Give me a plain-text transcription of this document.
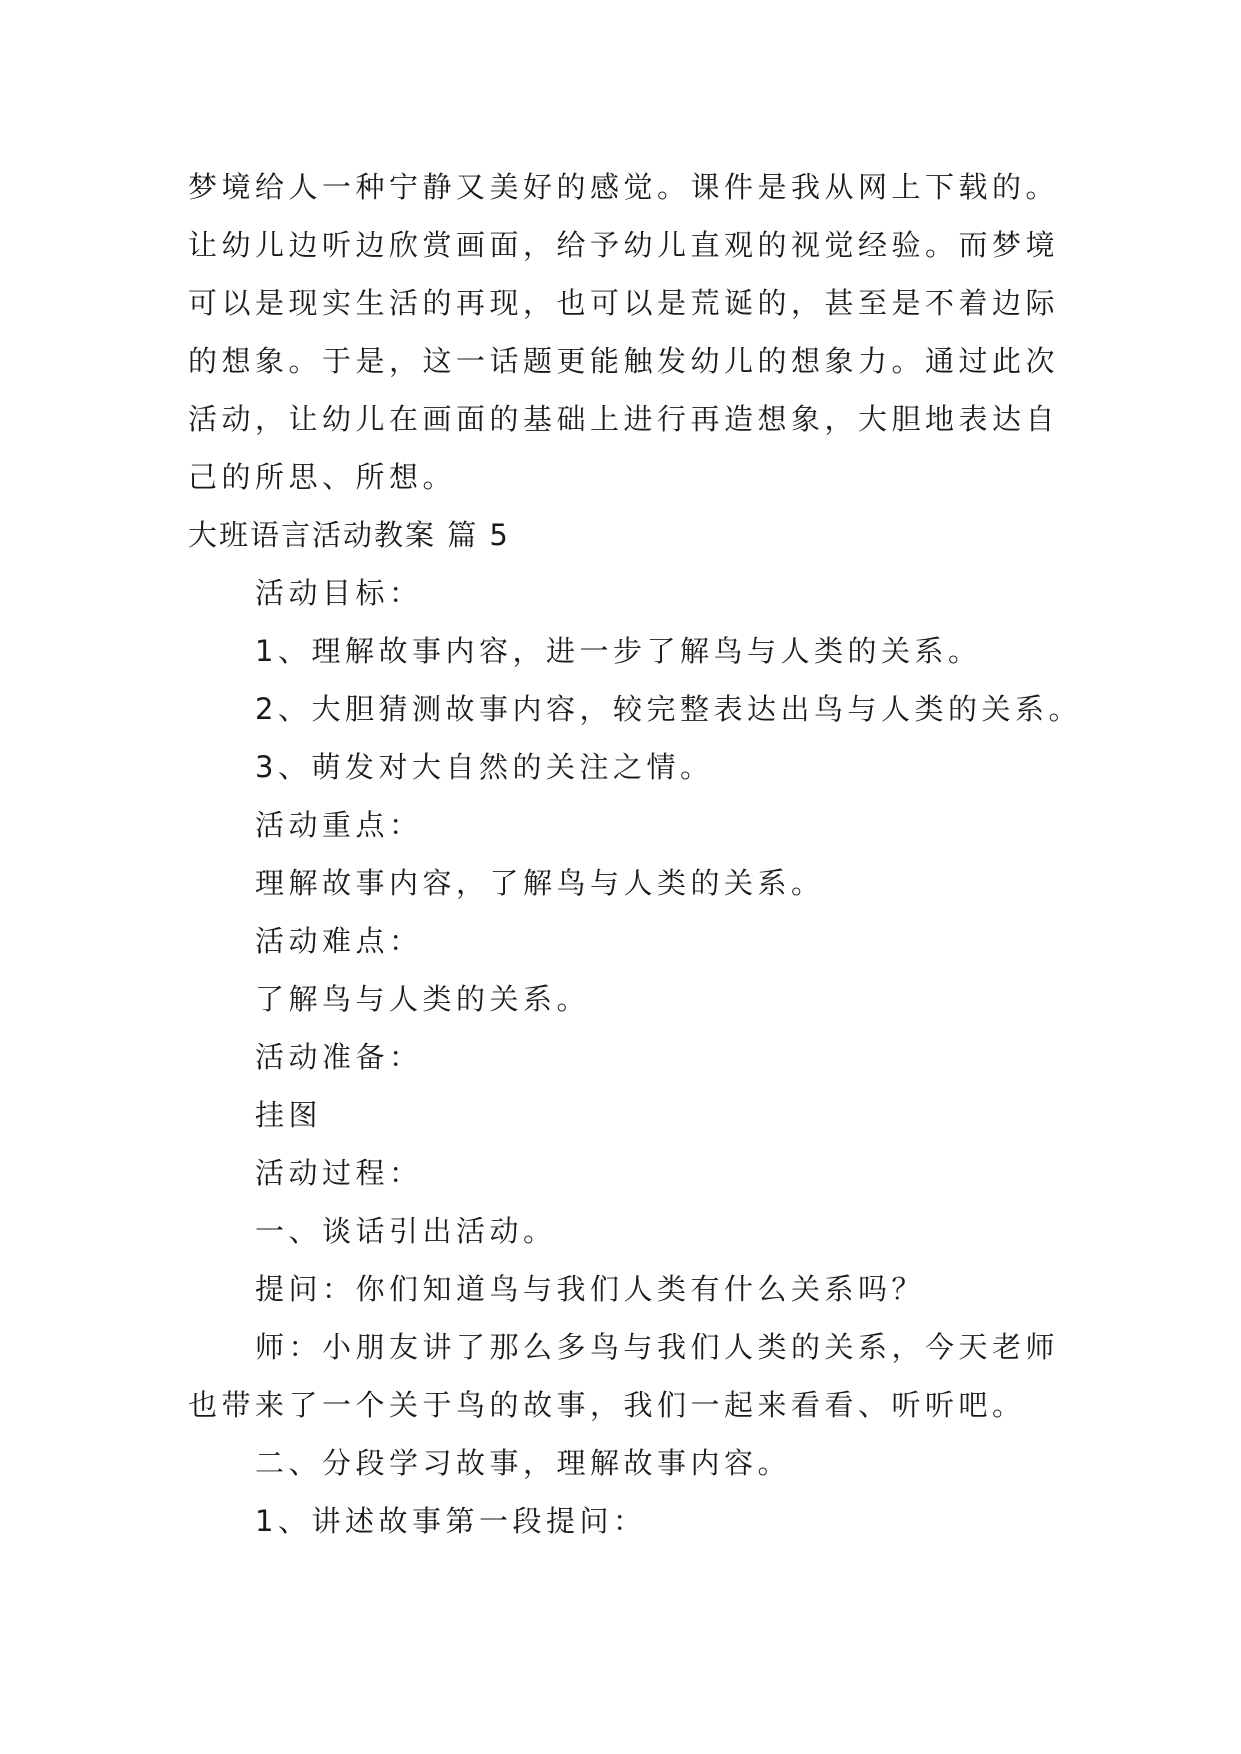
梦境给人一种宁静又美好的感觉。课件是我从网上下载的。
让幼儿边听边欣赏画面，给予幼儿直观的视觉经验。而梦境
可以是现实生活的再现，也可以是荒诞的，甚至是不着边际
的想象。于是，这一话题更能触发幼儿的想象力。通过此次
活动，让幼儿在画面的基础上进行再造想象，大胆地表达自
己的所思、所想。
大班语言活动教案 篇 5
活动目标：
1、理解故事内容，进一步了解鸟与人类的关系。
2、大胆猜测故事内容，较完整表达出鸟与人类的关系。
3、萌发对大自然的关注之情。
活动重点：
理解故事内容，了解鸟与人类的关系。
活动难点：
了解鸟与人类的关系。
活动准备：
挂图
活动过程：
一、谈话引出活动。
提问：你们知道鸟与我们人类有什么关系吗？
师：小朋友讲了那么多鸟与我们人类的关系，今天老师
也带来了一个关于鸟的故事，我们一起来看看、听听吧。
二、分段学习故事，理解故事内容。
1、讲述故事第一段提问：
